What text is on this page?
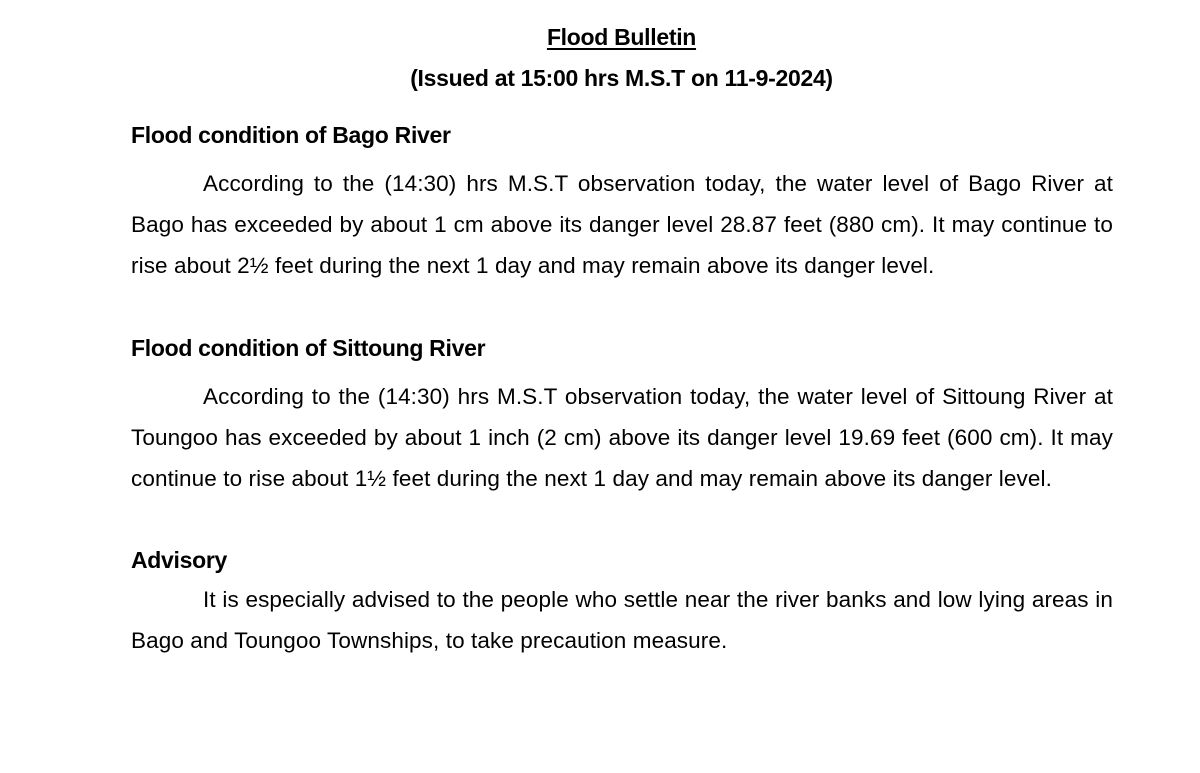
Flood Bulletin
(Issued at 15:00 hrs M.S.T on 11-9-2024)
Flood condition of Bago River
According to the (14:30) hrs M.S.T observation today, the water level of Bago River at Bago has exceeded by about 1 cm above its danger level 28.87 feet (880 cm). It may continue to rise about 2½ feet during the next 1 day and may remain above its danger level.
Flood condition of Sittoung River
According to the (14:30) hrs M.S.T observation today, the water level of Sittoung River at Toungoo has exceeded by about 1 inch (2 cm) above its danger level 19.69 feet (600 cm). It may continue to rise about 1½ feet during the next 1 day and may remain above its danger level.
Advisory
It is especially advised to the people who settle near the river banks and low lying areas in Bago and Toungoo Townships, to take precaution measure.
